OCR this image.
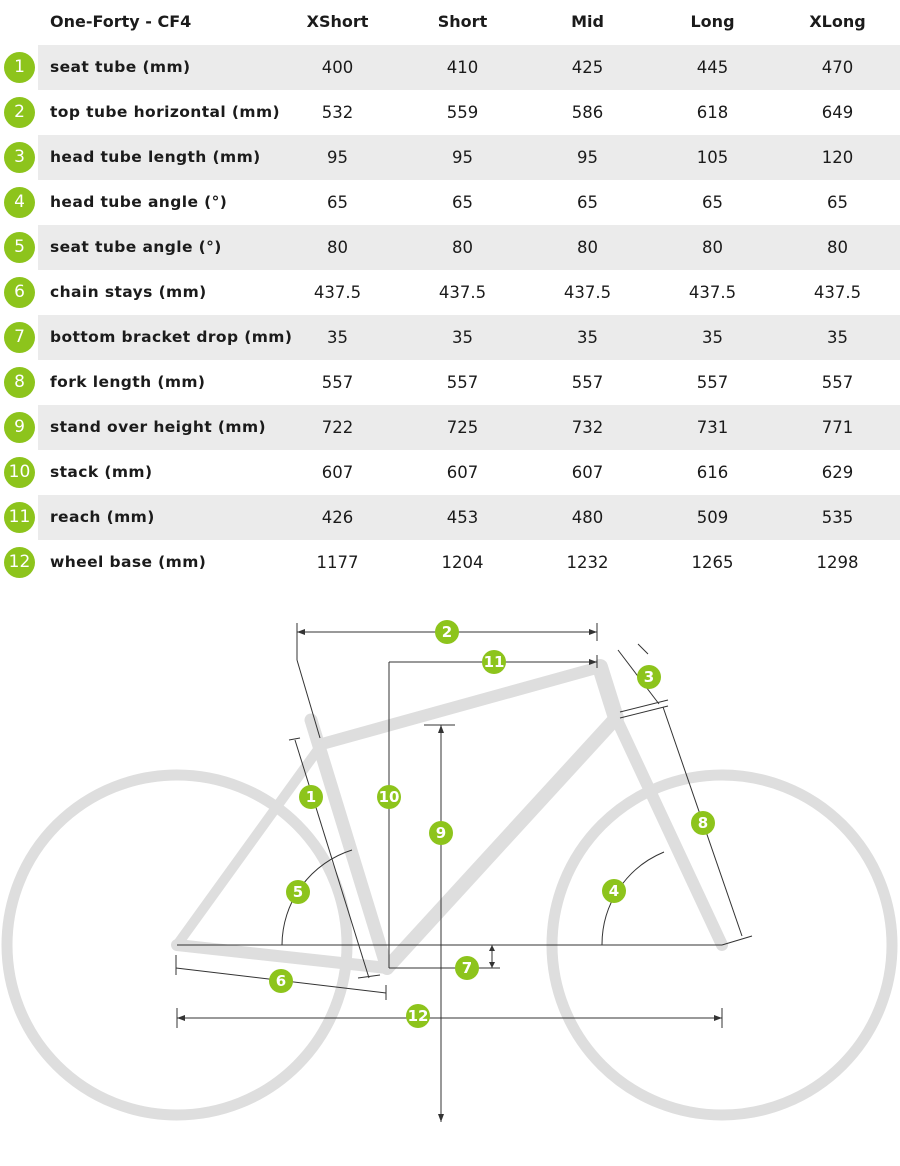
One-Forty - CF4	XShort	Short	Mid	Long	XLong
1	seat tube (mm)	400	410	425	445	470
2	top tube horizontal (mm)	532	559	586	618	649
3	head tube length (mm)	95	95	95	105	120
4	head tube angle (°)	65	65	65	65	65
5	seat tube angle (°)	80	80	80	80	80
6	chain stays (mm)	437.5	437.5	437.5	437.5	437.5
7	bottom bracket drop (mm)	35	35	35	35	35
8	fork length (mm)	557	557	557	557	557
9	stand over height (mm)	722	725	732	731	771
10	stack (mm)	607	607	607	616	629
11	reach (mm)	426	453	480	509	535
12	wheel base (mm)	1177	1204	1232	1265	1298
1
2
3
4
5
6
7
8
9
10
11
12
